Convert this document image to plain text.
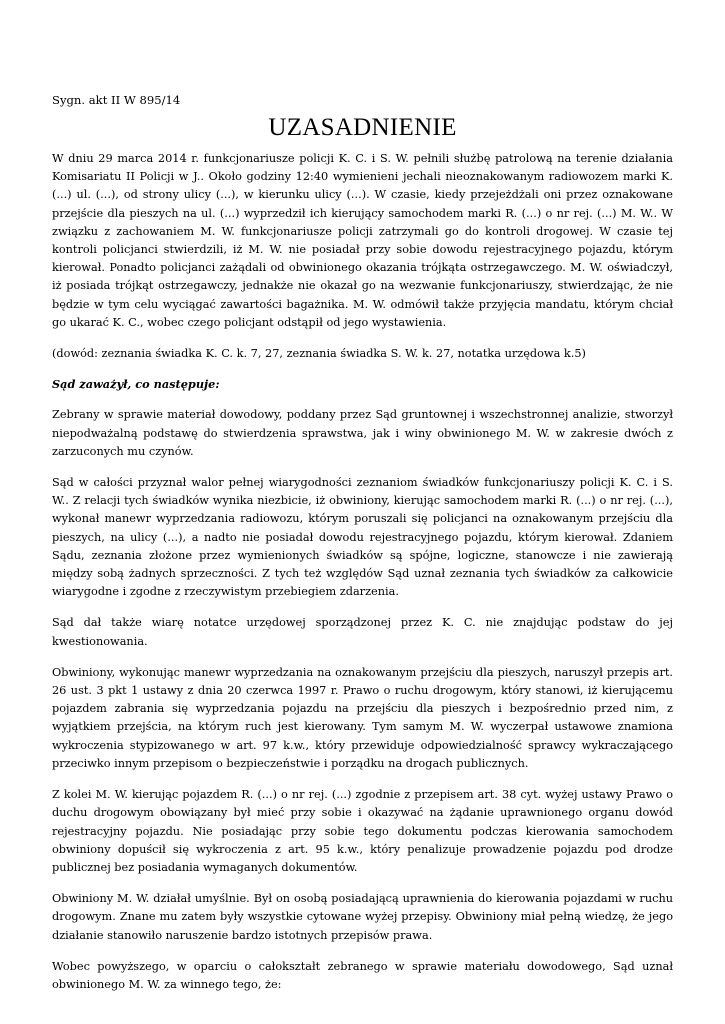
Sygn. akt II W 895/14
UZASADNIENIE

W dniu 29 marca 2014 r. funkcjonariusze policji K. C. i S. W. pełnili służbę patrolową na terenie działania Komisariatu II Policji w J.. Około godziny 12:40 wymienieni jechali nieoznakowanym radiowozem marki K. (...) ul. (...), od strony ulicy (...), w kierunku ulicy (...). W czasie, kiedy przejeżdżali oni przez oznakowane przejście dla pieszych na ul. (...) wyprzedził ich kierujący samochodem marki R. (...) o nr rej. (...) M. W.. W związku z zachowaniem M. W. funkcjonariusze policji zatrzymali go do kontroli drogowej. W czasie tej kontroli policjanci stwierdzili, iż M. W. nie posiadał przy sobie dowodu rejestracyjnego pojazdu, którym kierował. Ponadto policjanci zażądali od obwinionego okazania trójkąta ostrzegawczego. M. W. oświadczył, iż posiada trójkąt ostrzegawczy, jednakże nie okazał go na wezwanie funkcjonariuszy, stwierdzając, że nie będzie w tym celu wyciągać zawartości bagażnika. M. W. odmówił także przyjęcia mandatu, którym chciał go ukarać K. C., wobec czego policjant odstąpił od jego wystawienia.

(dowód: zeznania świadka K. C. k. 7, 27, zeznania świadka S. W. k. 27, notatka urzędowa k.5)

Sąd zaważył, co następuje:

Zebrany w sprawie materiał dowodowy, poddany przez Sąd gruntownej i wszechstronnej analizie, stworzył niepodważalną podstawę do stwierdzenia sprawstwa, jak i winy obwinionego M. W. w zakresie dwóch z zarzuconych mu czynów.

Sąd w całości przyznał walor pełnej wiarygodności zeznaniom świadków funkcjonariuszy policji K. C. i S. W.. Z relacji tych świadków wynika niezbicie, iż obwiniony, kierując samochodem marki R. (...) o nr rej. (...), wykonał manewr wyprzedzania radiowozu, którym poruszali się policjanci na oznakowanym przejściu dla pieszych, na ulicy (...), a nadto nie posiadał dowodu rejestracyjnego pojazdu, którym kierował. Zdaniem Sądu, zeznania złożone przez wymienionych świadków są spójne, logiczne, stanowcze i nie zawierają między sobą żadnych sprzeczności. Z tych też względów Sąd uznał zeznania tych świadków za całkowicie wiarygodne i zgodne z rzeczywistym przebiegiem zdarzenia.

Sąd dał także wiarę notatce urzędowej sporządzonej przez K. C. nie znajdując podstaw do jej kwestionowania.

Obwiniony, wykonując manewr wyprzedzania na oznakowanym przejściu dla pieszych, naruszył przepis art. 26 ust. 3 pkt 1 ustawy z dnia 20 czerwca 1997 r. Prawo o ruchu drogowym, który stanowi, iż kierującemu pojazdem zabrania się wyprzedzania pojazdu na przejściu dla pieszych i bezpośrednio przed nim, z wyjątkiem przejścia, na którym ruch jest kierowany. Tym samym M. W. wyczerpał ustawowe znamiona wykroczenia stypizowanego w art. 97 k.w., który przewiduje odpowiedzialność sprawcy wykraczającego przeciwko innym przepisom o bezpieczeństwie i porządku na drogach publicznych.

Z kolei M. W. kierując pojazdem R. (...) o nr rej. (...) zgodnie z przepisem art. 38 cyt. wyżej ustawy Prawo o duchu drogowym obowiązany był mieć przy sobie i okazywać na żądanie uprawnionego organu dowód rejestracyjny pojazdu. Nie posiadając przy sobie tego dokumentu podczas kierowania samochodem obwiniony dopuścił się wykroczenia z art. 95 k.w., który penalizuje prowadzenie pojazdu pod drodze publicznej bez posiadania wymaganych dokumentów.

Obwiniony M. W. działał umyślnie. Był on osobą posiadającą uprawnienia do kierowania pojazdami w ruchu drogowym. Znane mu zatem były wszystkie cytowane wyżej przepisy. Obwiniony miał pełną wiedzę, że jego działanie stanowiło naruszenie bardzo istotnych przepisów prawa.

Wobec powyższego, w oparciu o całokształt zebranego w sprawie materiału dowodowego, Sąd uznał obwinionego M. W. za winnego tego, że:
